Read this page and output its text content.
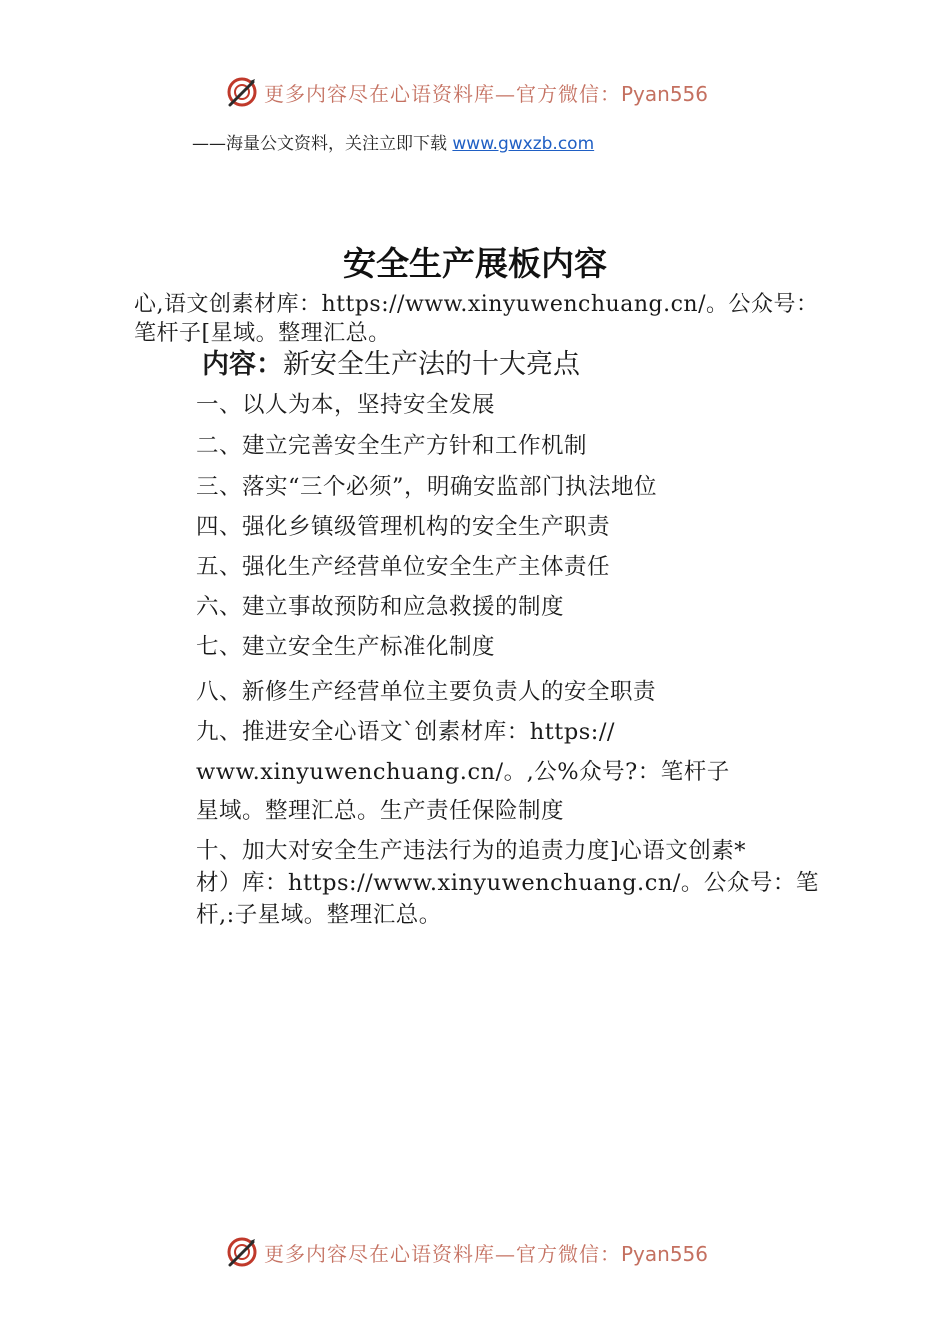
更多内容尽在心语资料库—官方微信：Pyan556
——海量公文资料，关注立即下载 www.gwxzb.com
安全生产展板内容
心,语文创素材库：https://www.xinyuwenchuang.cn/。公众号：
笔杆子[星域。整理汇总。
内容：新安全生产法的十大亮点
一、以人为本，坚持安全发展
二、建立完善安全生产方针和工作机制
三、落实“三个必须”，明确安监部门执法地位
四、强化乡镇级管理机构的安全生产职责
五、强化生产经营单位安全生产主体责任
六、建立事故预防和应急救援的制度
七、建立安全生产标准化制度
八、新修生产经营单位主要负责人的安全职责
九、推进安全心语文`创素材库：https://
www.xinyuwenchuang.cn/。,公%众号?：笔杆子
星域。整理汇总。生产责任保险制度
十、加大对安全生产违法行为的追责力度]心语文创素*
材）库：https://www.xinyuwenchuang.cn/。公众号：笔
杆,:子星域。整理汇总。
更多内容尽在心语资料库—官方微信：Pyan556
